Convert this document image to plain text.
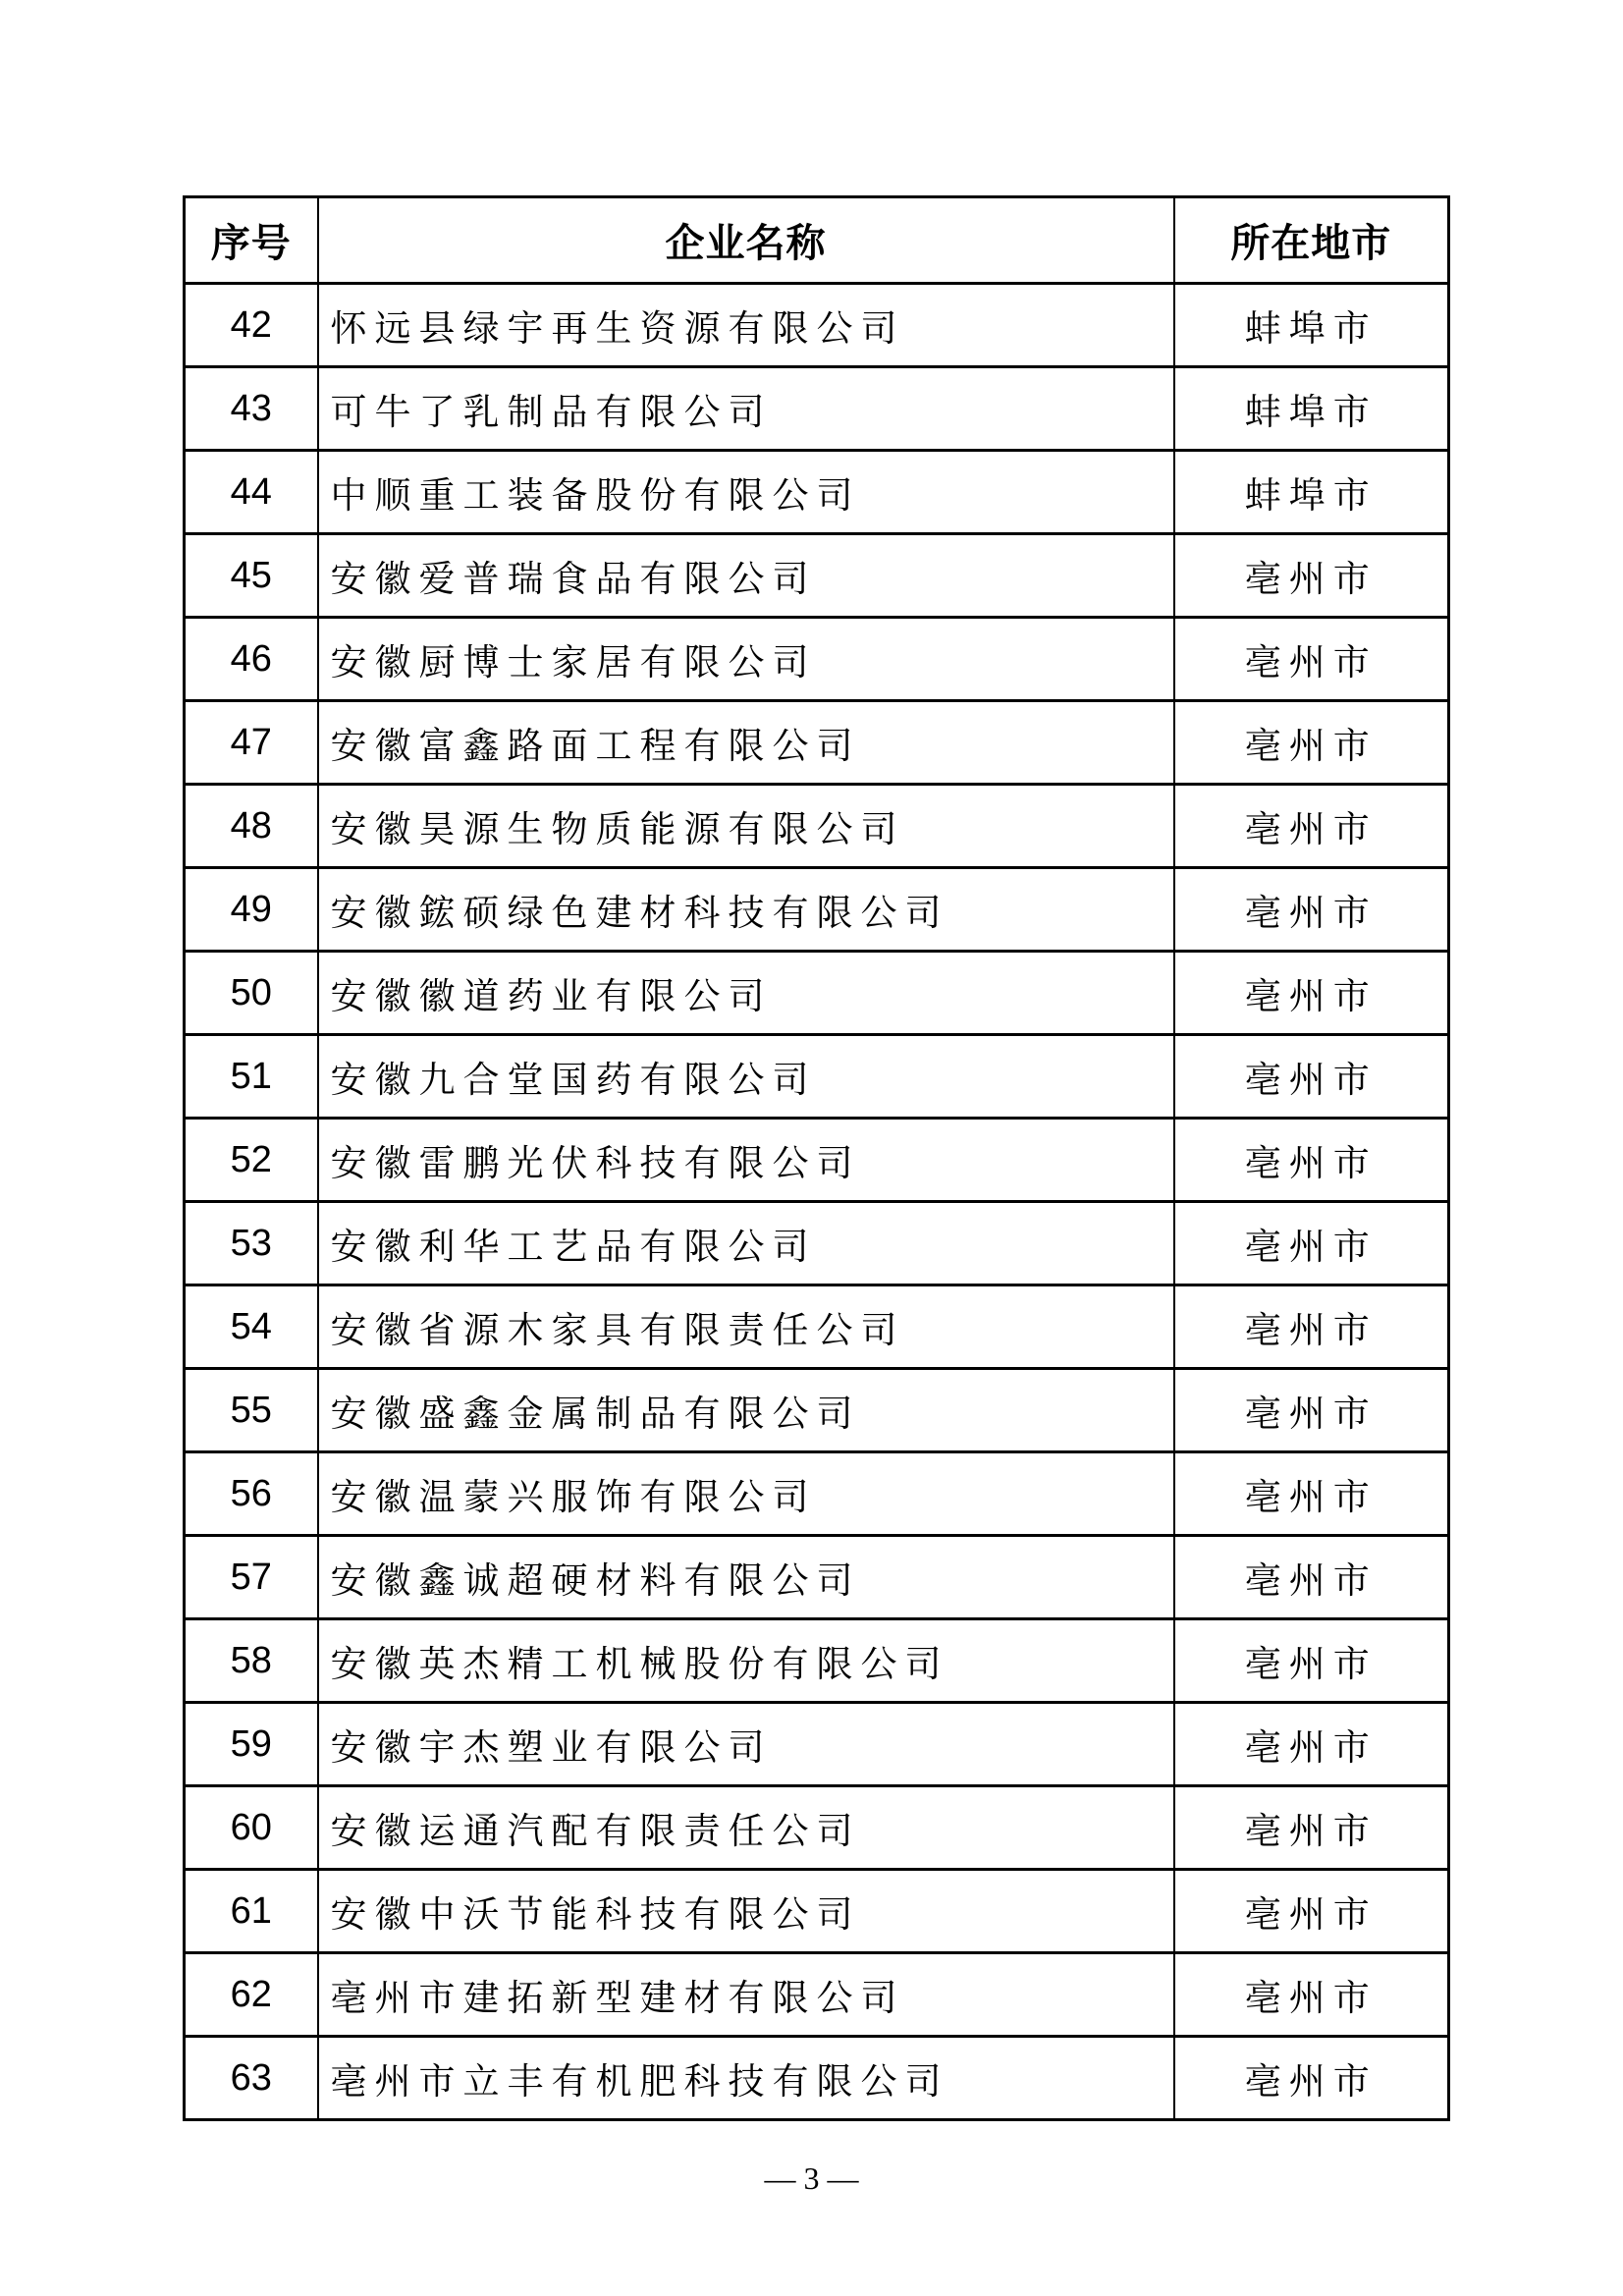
序号	企业名称	所在地市
42	怀远县绿宇再生资源有限公司	蚌埠市
43	可牛了乳制品有限公司	蚌埠市
44	中顺重工装备股份有限公司	蚌埠市
45	安徽爱普瑞食品有限公司	亳州市
46	安徽厨博士家居有限公司	亳州市
47	安徽富鑫路面工程有限公司	亳州市
48	安徽昊源生物质能源有限公司	亳州市
49	安徽鋐硕绿色建材科技有限公司	亳州市
50	安徽徽道药业有限公司	亳州市
51	安徽九合堂国药有限公司	亳州市
52	安徽雷鹏光伏科技有限公司	亳州市
53	安徽利华工艺品有限公司	亳州市
54	安徽省源木家具有限责任公司	亳州市
55	安徽盛鑫金属制品有限公司	亳州市
56	安徽温蒙兴服饰有限公司	亳州市
57	安徽鑫诚超硬材料有限公司	亳州市
58	安徽英杰精工机械股份有限公司	亳州市
59	安徽宇杰塑业有限公司	亳州市
60	安徽运通汽配有限责任公司	亳州市
61	安徽中沃节能科技有限公司	亳州市
62	亳州市建拓新型建材有限公司	亳州市
63	亳州市立丰有机肥科技有限公司	亳州市
— 3 —
